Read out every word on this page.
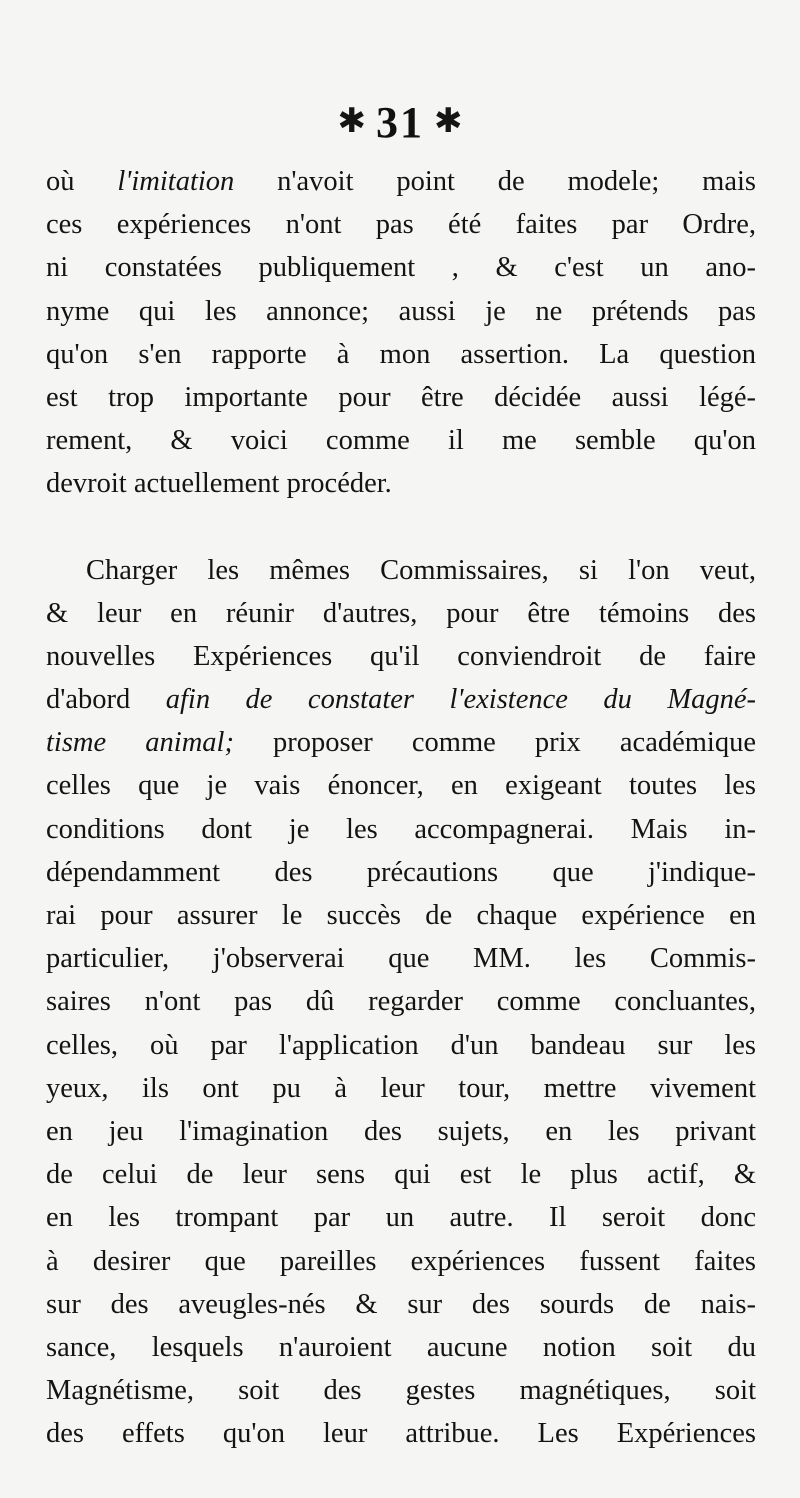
✱ 31 ✱
où l'imitation n'avoit point de modele; mais
ces expériences n'ont pas été faites par Ordre,
ni constatées publiquement , & c'est un ano-
nyme qui les annonce; aussi je ne prétends pas
qu'on s'en rapporte à mon assertion. La question
est trop importante pour être décidée aussi légé-
rement, & voici comme il me semble qu'on
devroit actuellement procéder.
Charger les mêmes Commissaires, si l'on veut,
& leur en réunir d'autres, pour être témoins des
nouvelles Expériences qu'il conviendroit de faire
d'abord afin de constater l'existence du Magné-
tisme animal; proposer comme prix académique
celles que je vais énoncer, en exigeant toutes les
conditions dont je les accompagnerai. Mais in-
dépendamment des précautions que j'indique-
rai pour assurer le succès de chaque expérience en
particulier, j'observerai que MM. les Commis-
saires n'ont pas dû regarder comme concluantes,
celles, où par l'application d'un bandeau sur les
yeux, ils ont pu à leur tour, mettre vivement
en jeu l'imagination des sujets, en les privant
de celui de leur sens qui est le plus actif, &
en les trompant par un autre. Il seroit donc
à desirer que pareilles expériences fussent faites
sur des aveugles-nés & sur des sourds de nais-
sance, lesquels n'auroient aucune notion soit du
Magnétisme, soit des gestes magnétiques, soit
des effets qu'on leur attribue. Les Expériences
